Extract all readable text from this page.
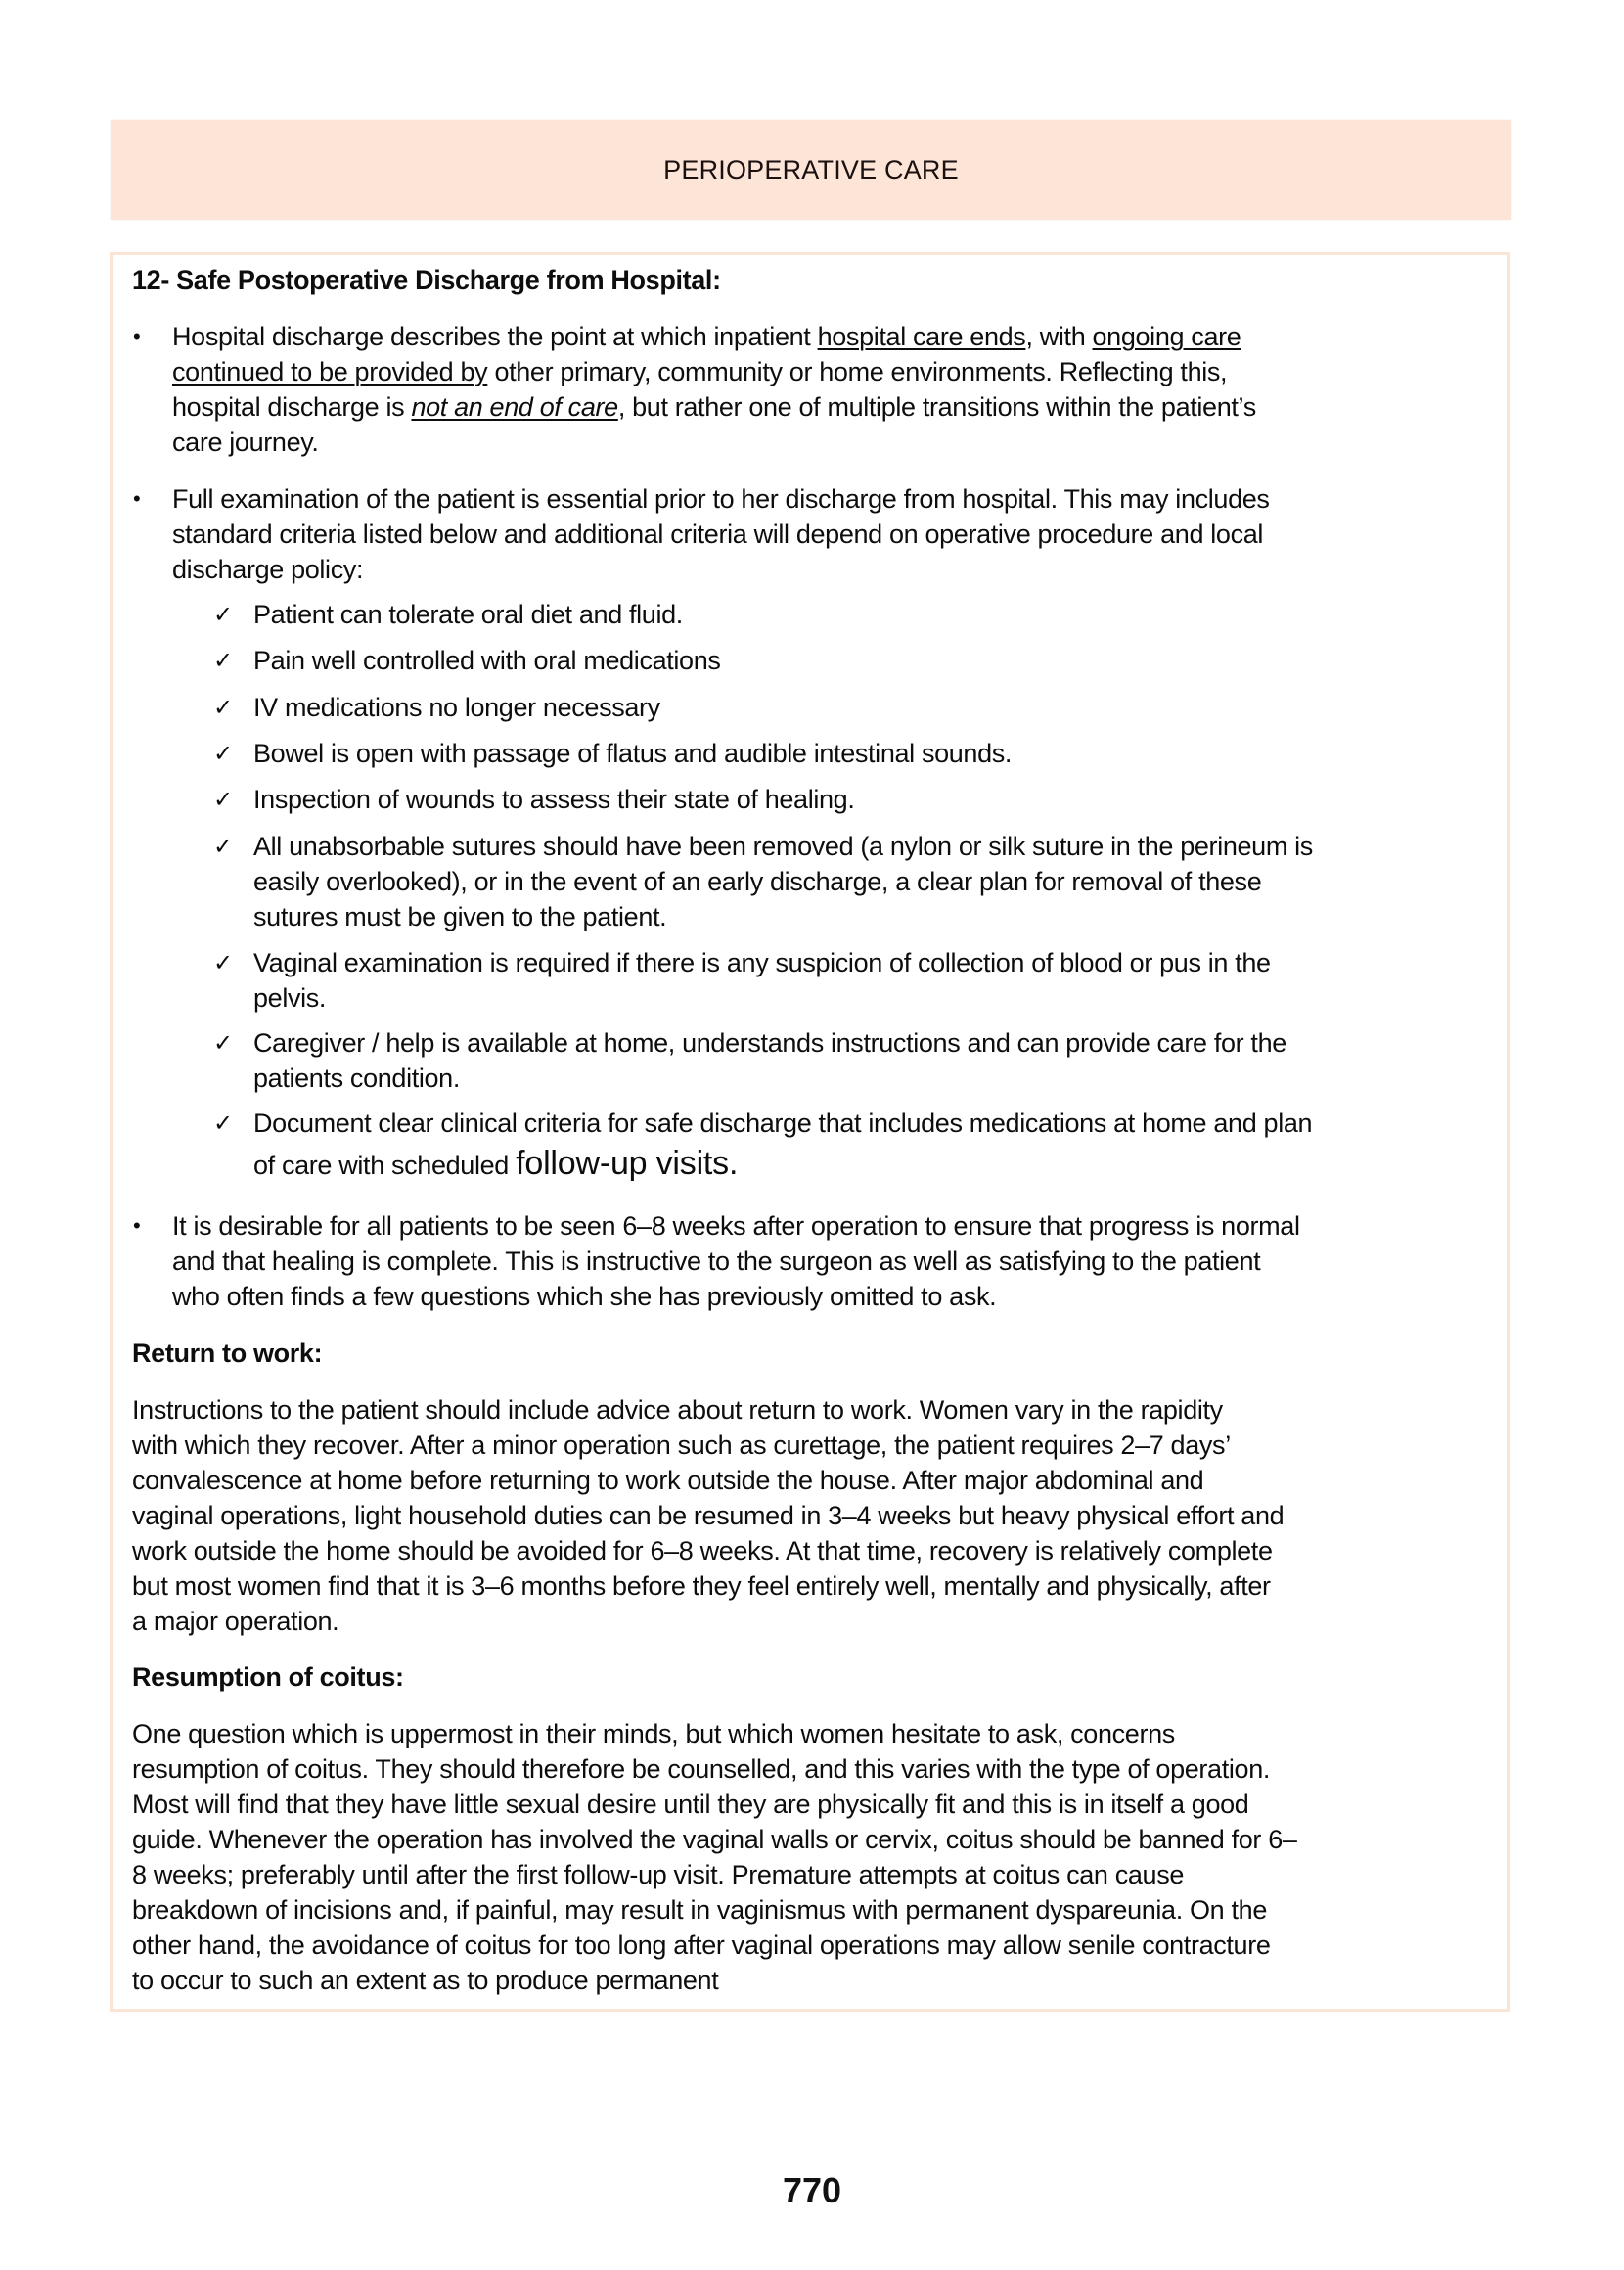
PERIOPERATIVE CARE
12- Safe Postoperative Discharge from Hospital:
• Hospital discharge describes the point at which inpatient hospital care ends, with ongoing care
continued to be provided by other primary, community or home environments. Reflecting this,
hospital discharge is not an end of care, but rather one of multiple transitions within the patient’s
care journey.
• Full examination of the patient is essential prior to her discharge from hospital. This may includes
standard criteria listed below and additional criteria will depend on operative procedure and local
discharge policy:
✓ Patient can tolerate oral diet and fluid.
✓ Pain well controlled with oral medications
✓ IV medications no longer necessary
✓ Bowel is open with passage of flatus and audible intestinal sounds.
✓ Inspection of wounds to assess their state of healing.
✓ All unabsorbable sutures should have been removed (a nylon or silk suture in the perineum is
easily overlooked), or in the event of an early discharge, a clear plan for removal of these
sutures must be given to the patient.
✓ Vaginal examination is required if there is any suspicion of collection of blood or pus in the
pelvis.
✓ Caregiver / help is available at home, understands instructions and can provide care for the
patients condition.
✓ Document clear clinical criteria for safe discharge that includes medications at home and plan
of care with scheduled follow-up visits.
• It is desirable for all patients to be seen 6–8 weeks after operation to ensure that progress is normal
and that healing is complete. This is instructive to the surgeon as well as satisfying to the patient
who often finds a few questions which she has previously omitted to ask.
Return to work:
Instructions to the patient should include advice about return to work. Women vary in the rapidity
with which they recover. After a minor operation such as curettage, the patient requires 2–7 days’
convalescence at home before returning to work outside the house. After major abdominal and
vaginal operations, light household duties can be resumed in 3–4 weeks but heavy physical effort and
work outside the home should be avoided for 6–8 weeks. At that time, recovery is relatively complete
but most women find that it is 3–6 months before they feel entirely well, mentally and physically, after
a major operation.
Resumption of coitus:
One question which is uppermost in their minds, but which women hesitate to ask, concerns
resumption of coitus. They should therefore be counselled, and this varies with the type of operation.
Most will find that they have little sexual desire until they are physically fit and this is in itself a good
guide. Whenever the operation has involved the vaginal walls or cervix, coitus should be banned for 6–
8 weeks; preferably until after the first follow-up visit. Premature attempts at coitus can cause
breakdown of incisions and, if painful, may result in vaginismus with permanent dyspareunia. On the
other hand, the avoidance of coitus for too long after vaginal operations may allow senile contracture
to occur to such an extent as to produce permanent
770
